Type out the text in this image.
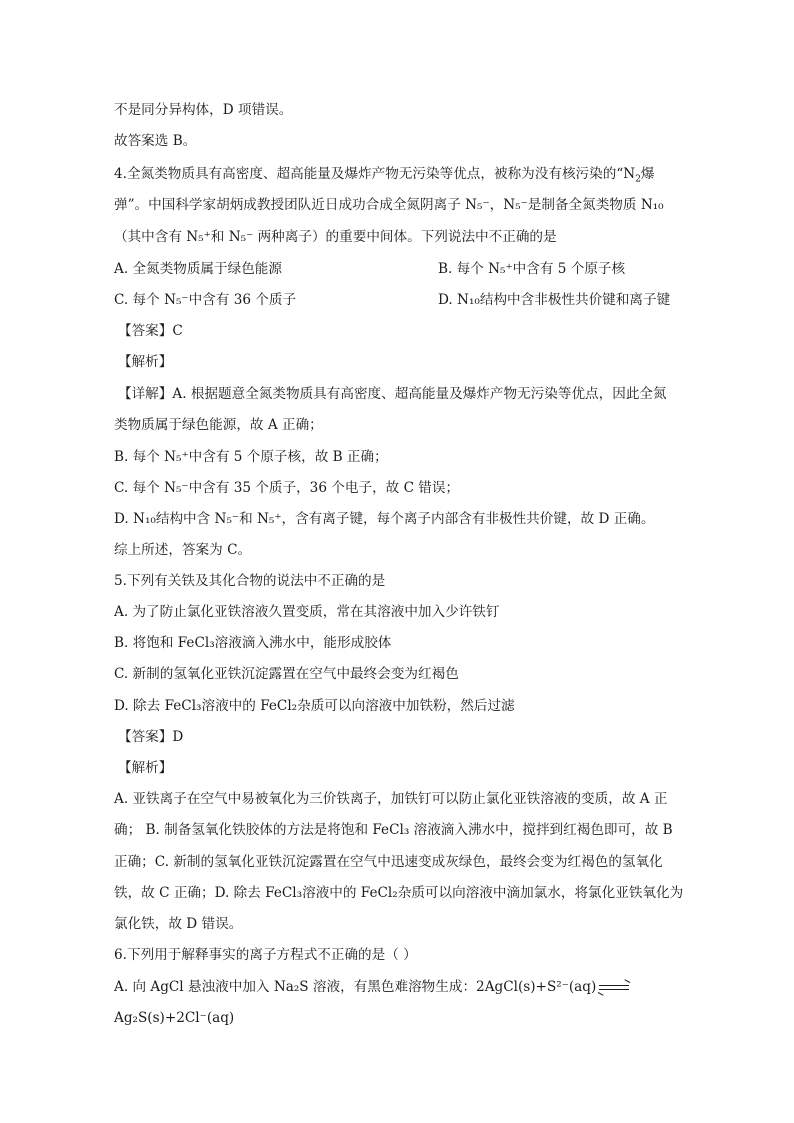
不是同分异构体，D 项错误。
故答案选 B。
4.全氮类物质具有高密度、超高能量及爆炸产物无污染等优点，被称为没有核污染的“$N_2$爆
弹”。中国科学家胡炳成教授团队近日成功合成全氮阴离子 N₅⁻，N₅⁻是制备全氮类物质 N₁₀
（其中含有 N₅⁺和 N₅⁻ 两种离子）的重要中间体。下列说法中不正确的是
A. 全氮类物质属于绿色能源	B. 每个 N₅⁺中含有 5 个原子核
C. 每个 N₅⁻中含有 36 个质子	D. N₁₀结构中含非极性共价键和离子键
【答案】C
【解析】
【详解】A. 根据题意全氮类物质具有高密度、超高能量及爆炸产物无污染等优点，因此全氮
类物质属于绿色能源，故 A 正确；
B. 每个 N₅⁺中含有 5 个原子核，故 B 正确；
C. 每个 N₅⁻中含有 35 个质子，36 个电子，故 C 错误；
D. N₁₀结构中含 N₅⁻和 N₅⁺，含有离子键，每个离子内部含有非极性共价键，故 D 正确。
综上所述，答案为 C。
5.下列有关铁及其化合物的说法中不正确的是
A. 为了防止氯化亚铁溶液久置变质，常在其溶液中加入少许铁钉
B. 将饱和 FeCl₃溶液滴入沸水中，能形成胶体
C. 新制的氢氧化亚铁沉淀露置在空气中最终会变为红褐色
D. 除去 FeCl₃溶液中的 FeCl₂杂质可以向溶液中加铁粉，然后过滤
【答案】D
【解析】
A. 亚铁离子在空气中易被氧化为三价铁离子，加铁钉可以防止氯化亚铁溶液的变质，故 A 正
确； B. 制备氢氧化铁胶体的方法是将饱和 FeCl₃ 溶液滴入沸水中，搅拌到红褐色即可，故 B
正确；C. 新制的氢氧化亚铁沉淀露置在空气中迅速变成灰绿色，最终会变为红褐色的氢氧化
铁，故 C 正确；D. 除去 FeCl₃溶液中的 FeCl₂杂质可以向溶液中滴加氯水，将氯化亚铁氧化为
氯化铁，故 D 错误。
6.下列用于解释事实的离子方程式不正确的是（ ）
A. 向 AgCl 悬浊液中加入 Na₂S 溶液，有黑色难溶物生成：2AgCl(s)+S²⁻(aq)
Ag₂S(s)+2Cl⁻(aq)
